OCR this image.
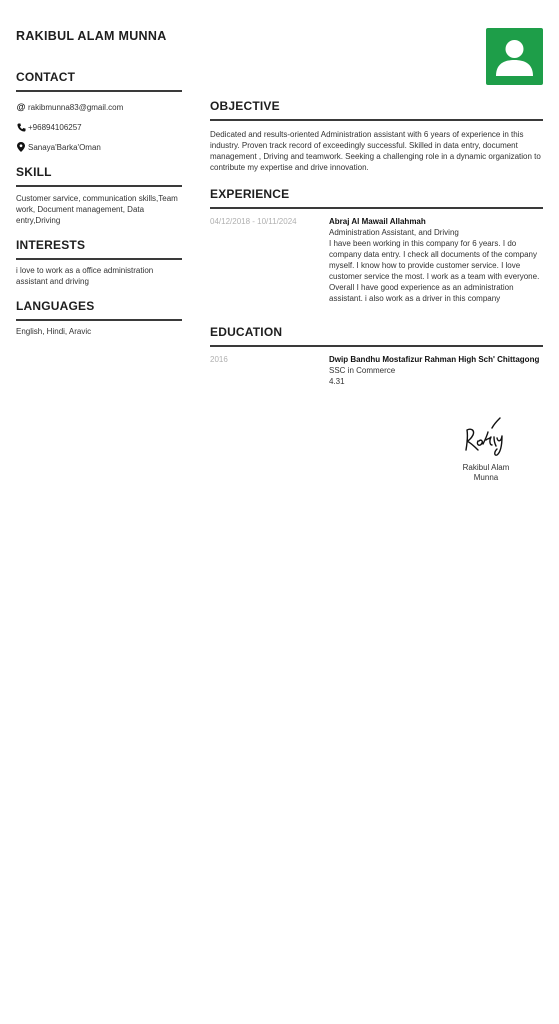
RAKIBUL ALAM MUNNA
CONTACT
@ rakibmunna83@gmail.com
+96894106257
Sanaya'Barka'Oman
SKILL
Customer sarvice, communication skills,Team work, Document management, Data entry,Driving
INTERESTS
i love to work as a office administration assistant and driving
LANGUAGES
English, Hindi, Aravic
OBJECTIVE
Dedicated and results-oriented Administration assistant with 6 years of experience in this industry. Proven track record of exceedingly successful. Skilled in data entry, document management , Driving and teamwork. Seeking a challenging role in a dynamic organization to contribute my expertise and drive innovation.
EXPERIENCE
04/12/2018 - 10/11/2024	Abraj Al Mawail Allahmah
Administration Assistant, and Driving
I have been working in this company for 6 years. I do company data entry. I check all documents of the company myself. I know how to provide customer service. I love customer service the most. I work as a team with everyone. Overall I have good experience as an administration assistant. i also work as a driver in this company
EDUCATION
2016	Dwip Bandhu Mostafizur Rahman High Sch' Chittagong
SSC in Commerce
4.31
Rakibul Alam Munna
